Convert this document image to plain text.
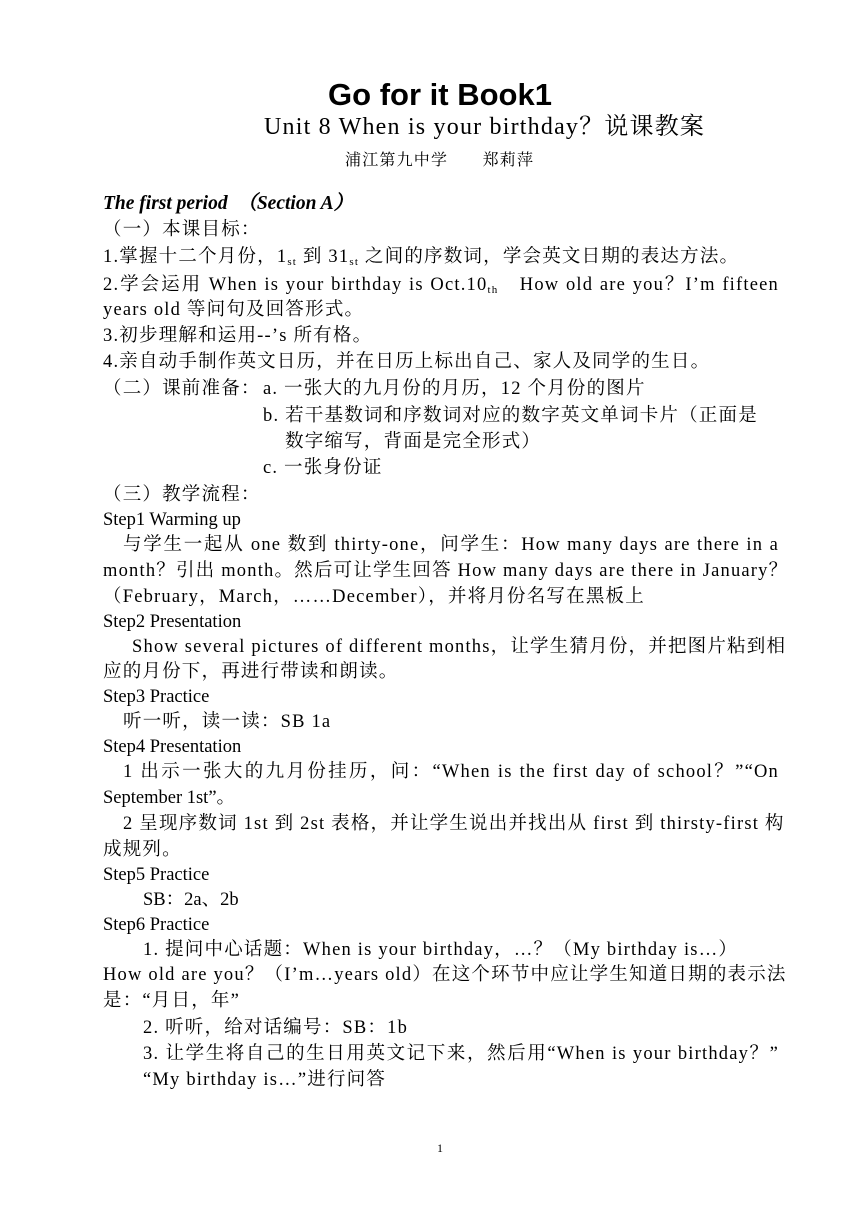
Go for it Book1
Unit 8 When is your birthday？说课教案
浦江第九中学　　郑莉萍
The first period　（Section A）
（一）本课目标：
1.掌握十二个月份，$1_{st}$ 到 $31_{st}$ 之间的序数词，学会英文日期的表达方法。
2.学会运用 When is your birthday is $Oct.10_{th}$　How old are you？I’m fifteen
years old 等问句及回答形式。
3.初步理解和运用--’s 所有格。
4.亲自动手制作英文日历，并在日历上标出自己、家人及同学的生日。
（二）课前准备： a. 一张大的九月份的月历，12 个月份的图片
b. 若干基数词和序数词对应的数字英文单词卡片（正面是
数字缩写，背面是完全形式）
c. 一张身份证
（三）教学流程：
Step1 Warming up
与学生一起从 one 数到 thirty-one，问学生：How many days are there in a
month？引出 month。然后可让学生回答 How many days are there in January？
（February，March，……December），并将月份名写在黑板上
Step2 Presentation
Show several pictures of different months，让学生猜月份，并把图片粘到相
应的月份下，再进行带读和朗读。
Step3 Practice
听一听，读一读：SB 1a
Step4 Presentation
1 出示一张大的九月份挂历，问：“When is the first day of school？”“On
September 1st”。
2 呈现序数词 1st 到 2st 表格，并让学生说出并找出从 first 到 thirsty-first 构
成规列。
Step5 Practice
SB：2a、2b
Step6 Practice
1. 提问中心话题：When is your birthday，…？（My birthday is…）
How old are you？（I’m…years old）在这个环节中应让学生知道日期的表示法
是：“月日，年”
2. 听听，给对话编号：SB：1b
3. 让学生将自己的生日用英文记下来，然后用“When is your birthday？”
“My birthday is…”进行问答
1
